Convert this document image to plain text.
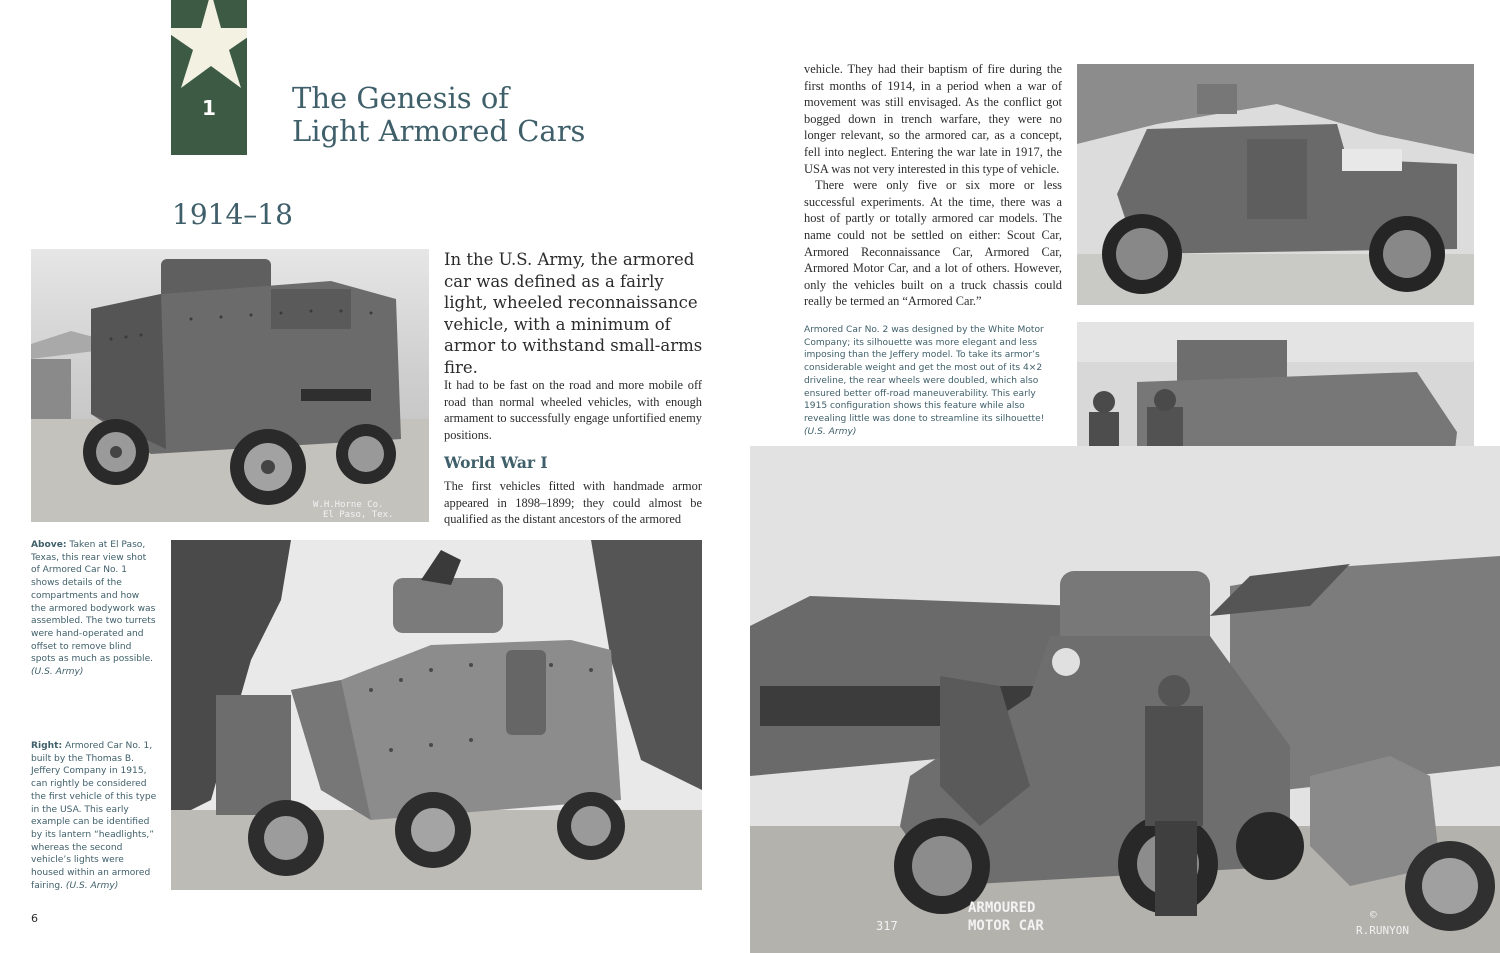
1	The Genesis of
Light Armored Cars
1914–18
W.H.Horne Co.
El Paso, Tex.
In the U.S. Army, the armored car was defined as a fairly light, wheeled reconnaissance vehicle, with a minimum of armor to withstand small-arms fire.
It had to be fast on the road and more mobile off road than normal wheeled vehicles, with enough armament to successfully engage unfortified enemy positions.
World War I
The first vehicles fitted with handmade armor appeared in 1898–1899; they could almost be qualified as the distant ancestors of the armored
Above: Taken at El Paso, Texas, this rear view shot of Armored Car No. 1 shows details of the compartments and how the armored bodywork was assembled. The two turrets were hand-operated and offset to remove blind spots as much as possible. (U.S. Army)
Right: Armored Car No. 1, built by the Thomas B. Jeffery Company in 1915, can rightly be considered the first vehicle of this type in the USA. This early example can be identified by its lantern “headlights,” whereas the second vehicle’s lights were housed within an armored fairing. (U.S. Army)

vehicle. They had their baptism of fire during the first months of 1914, in a period when a war of movement was still envisaged. As the conflict got bogged down in trench warfare, they were no longer relevant, so the armored car, as a concept, fell into neglect. Entering the war late in 1917, the USA was not very interested in this type of vehicle.

There were only five or six more or less successful experiments. At the time, there was a host of partly or totally armored car models. The name could not be settled on either: Scout Car, Armored Reconnaissance Car, Armored Car, Armored Motor Car, and a lot of others. However, only the vehicles built on a truck chassis could really be termed an “Armored Car.”

Armored Car No. 2 was designed by the White Motor Company; its silhouette was more elegant and less imposing than the Jeffery model. To take its armor’s considerable weight and get the most out of its 4×2 driveline, the rear wheels were doubled, which also ensured better off-road maneuverability. This early 1915 configuration shows this feature while also revealing little was done to streamline its silhouette! (U.S. Army)
ARMOURED
MOTOR CAR
317
©
R.RUNYON
6
